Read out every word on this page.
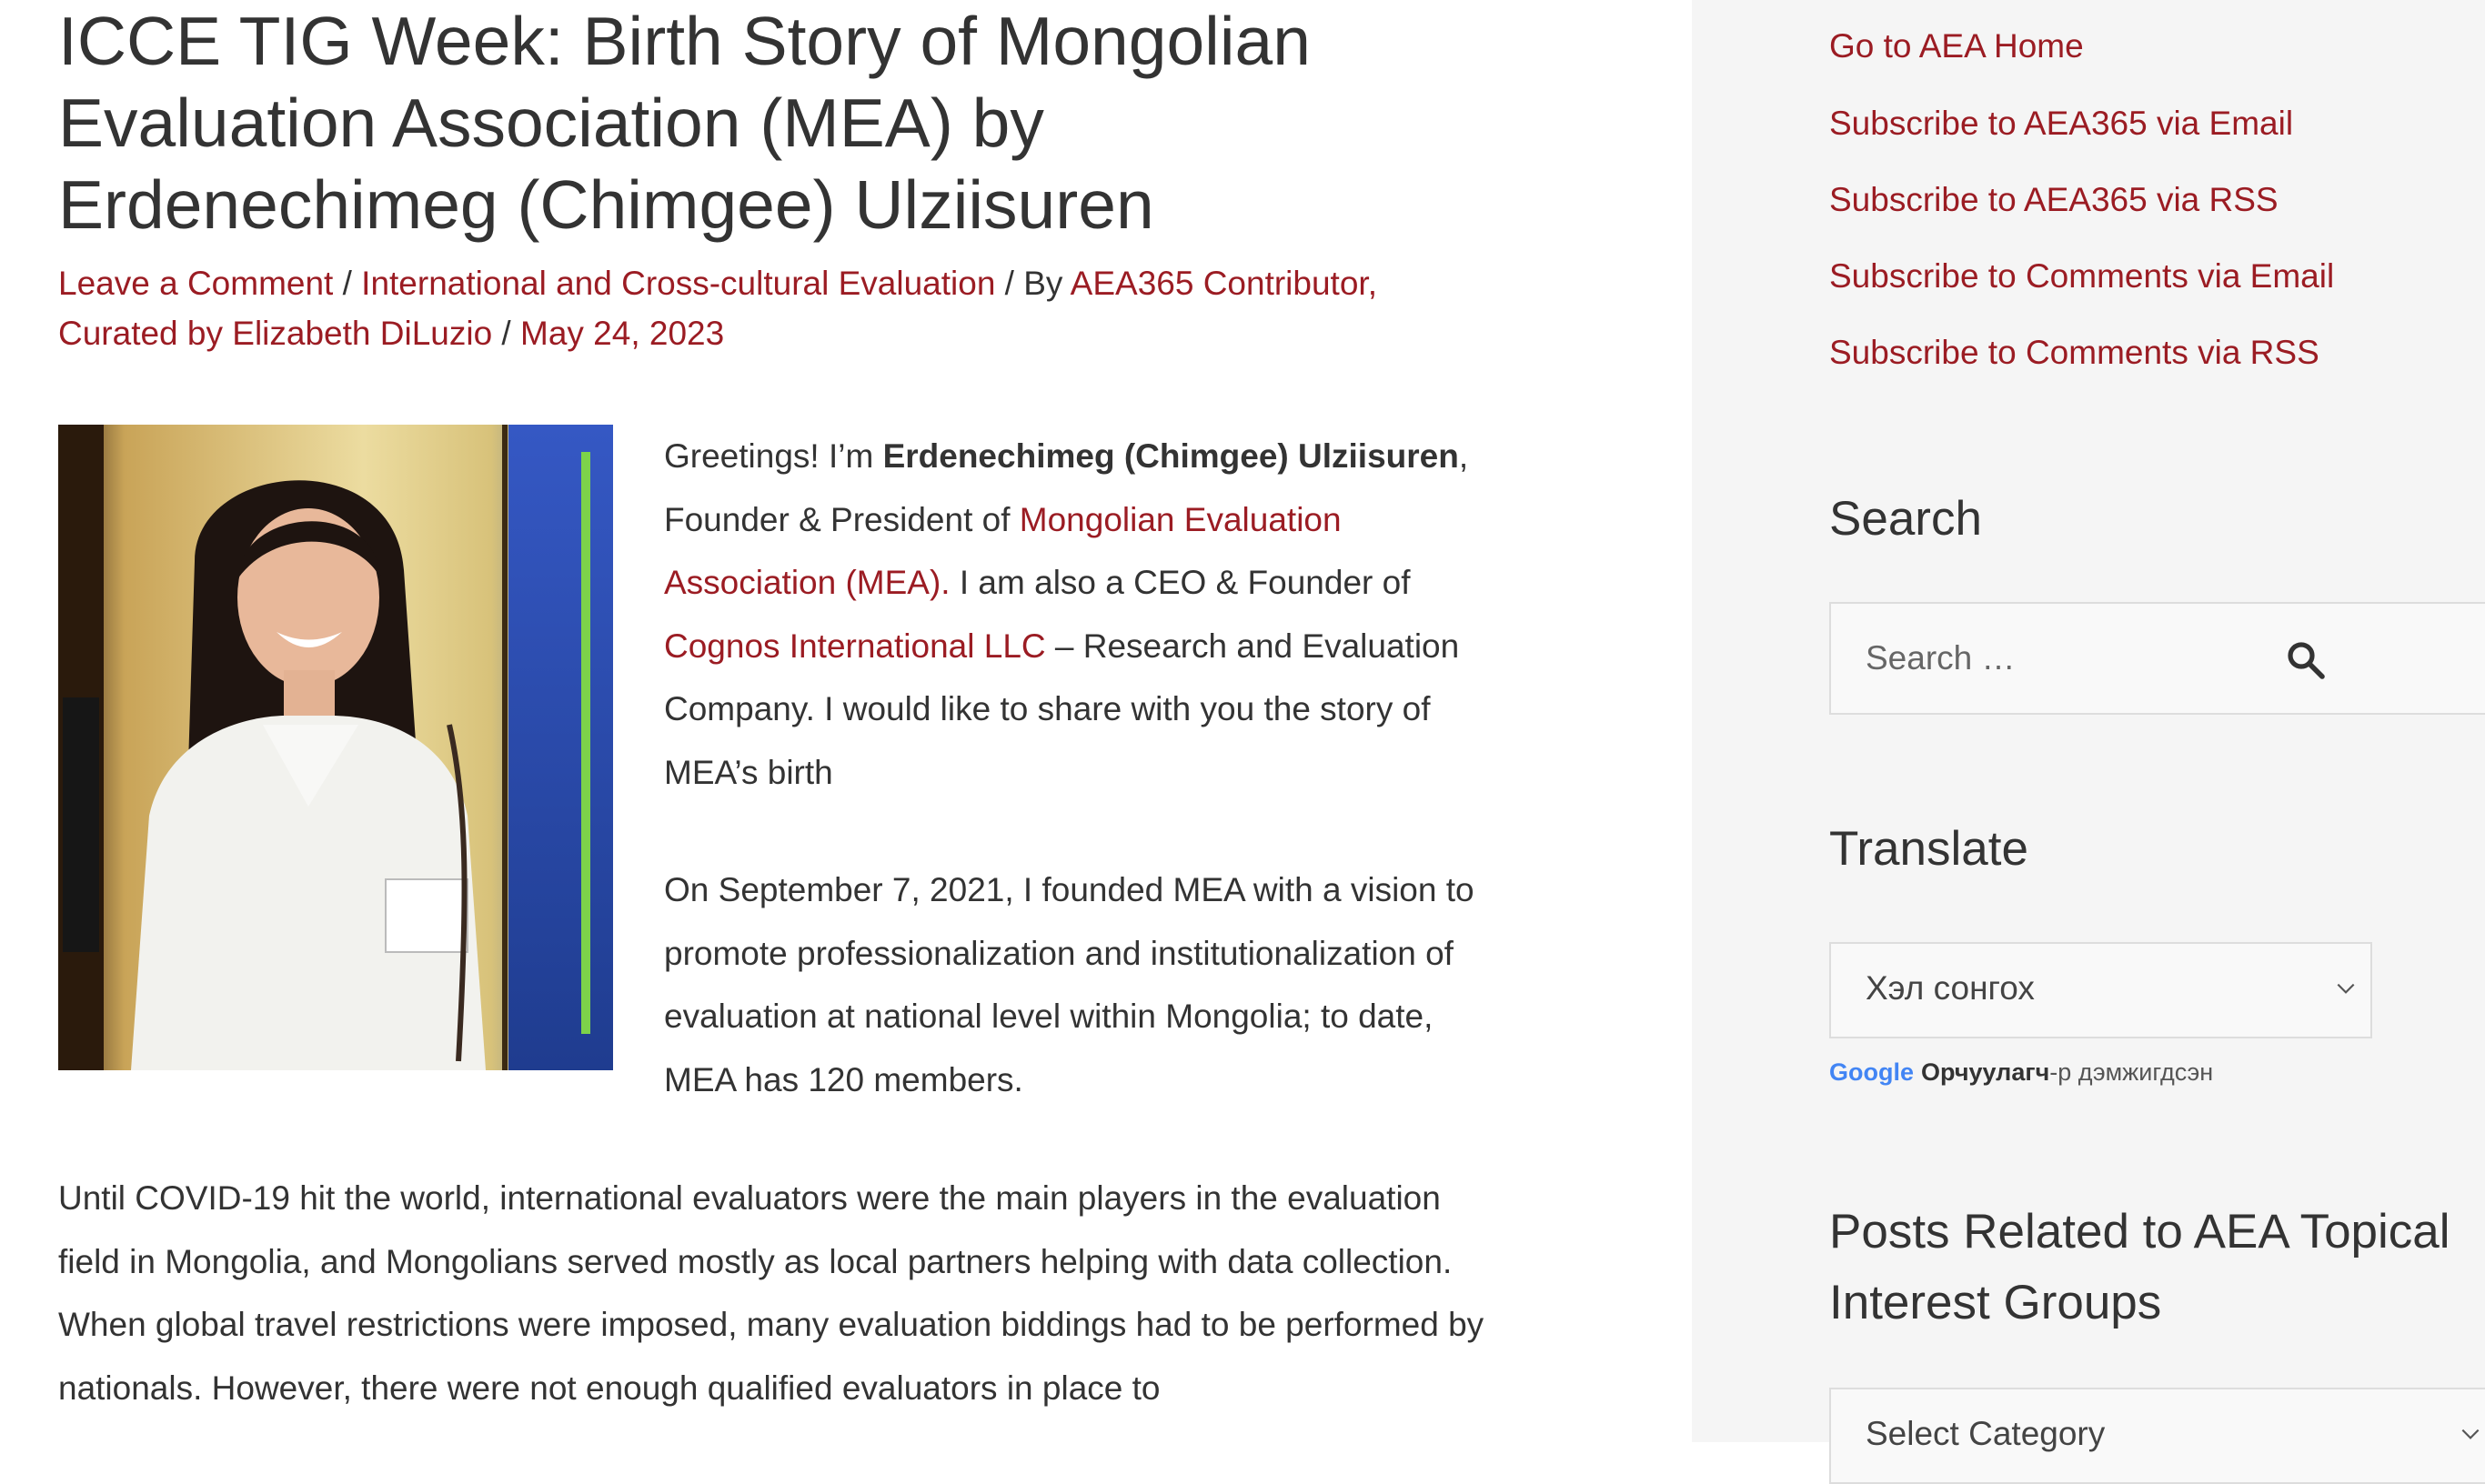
ICCE TIG Week: Birth Story of Mongolian Evaluation Association (MEA) by Erdenechimeg (Chimgee) Ulziisuren
Leave a Comment / International and Cross-cultural Evaluation / By AEA365 Contributor, Curated by Elizabeth DiLuzio / May 24, 2023

Greetings! I’m Erdenechimeg (Chimgee) Ulziisuren, Founder & President of Mongolian Evaluation Association (MEA). I am also a CEO & Founder of Cognos International LLC – Research and Evaluation Company. I would like to share with you the story of MEA’s birth

On September 7, 2021, I founded MEA with a vision to promote professionalization and institutionalization of evaluation at national level within Mongolia; to date, MEA has 120 members.

Until COVID-19 hit the world, international evaluators were the main players in the evaluation field in Mongolia, and Mongolians served mostly as local partners helping with data collection. When global travel restrictions were imposed, many evaluation biddings had to be performed by nationals. However, there were not enough qualified evaluators in place to

Go to AEA Home
Subscribe to AEA365 via Email
Subscribe to AEA365 via RSS
Subscribe to Comments via Email
Subscribe to Comments via RSS
Search
Search …
Translate
Хэл сонгох
Google Орчуулагч-р дэмжигдсэн
Posts Related to AEA Topical Interest Groups
Select Category
